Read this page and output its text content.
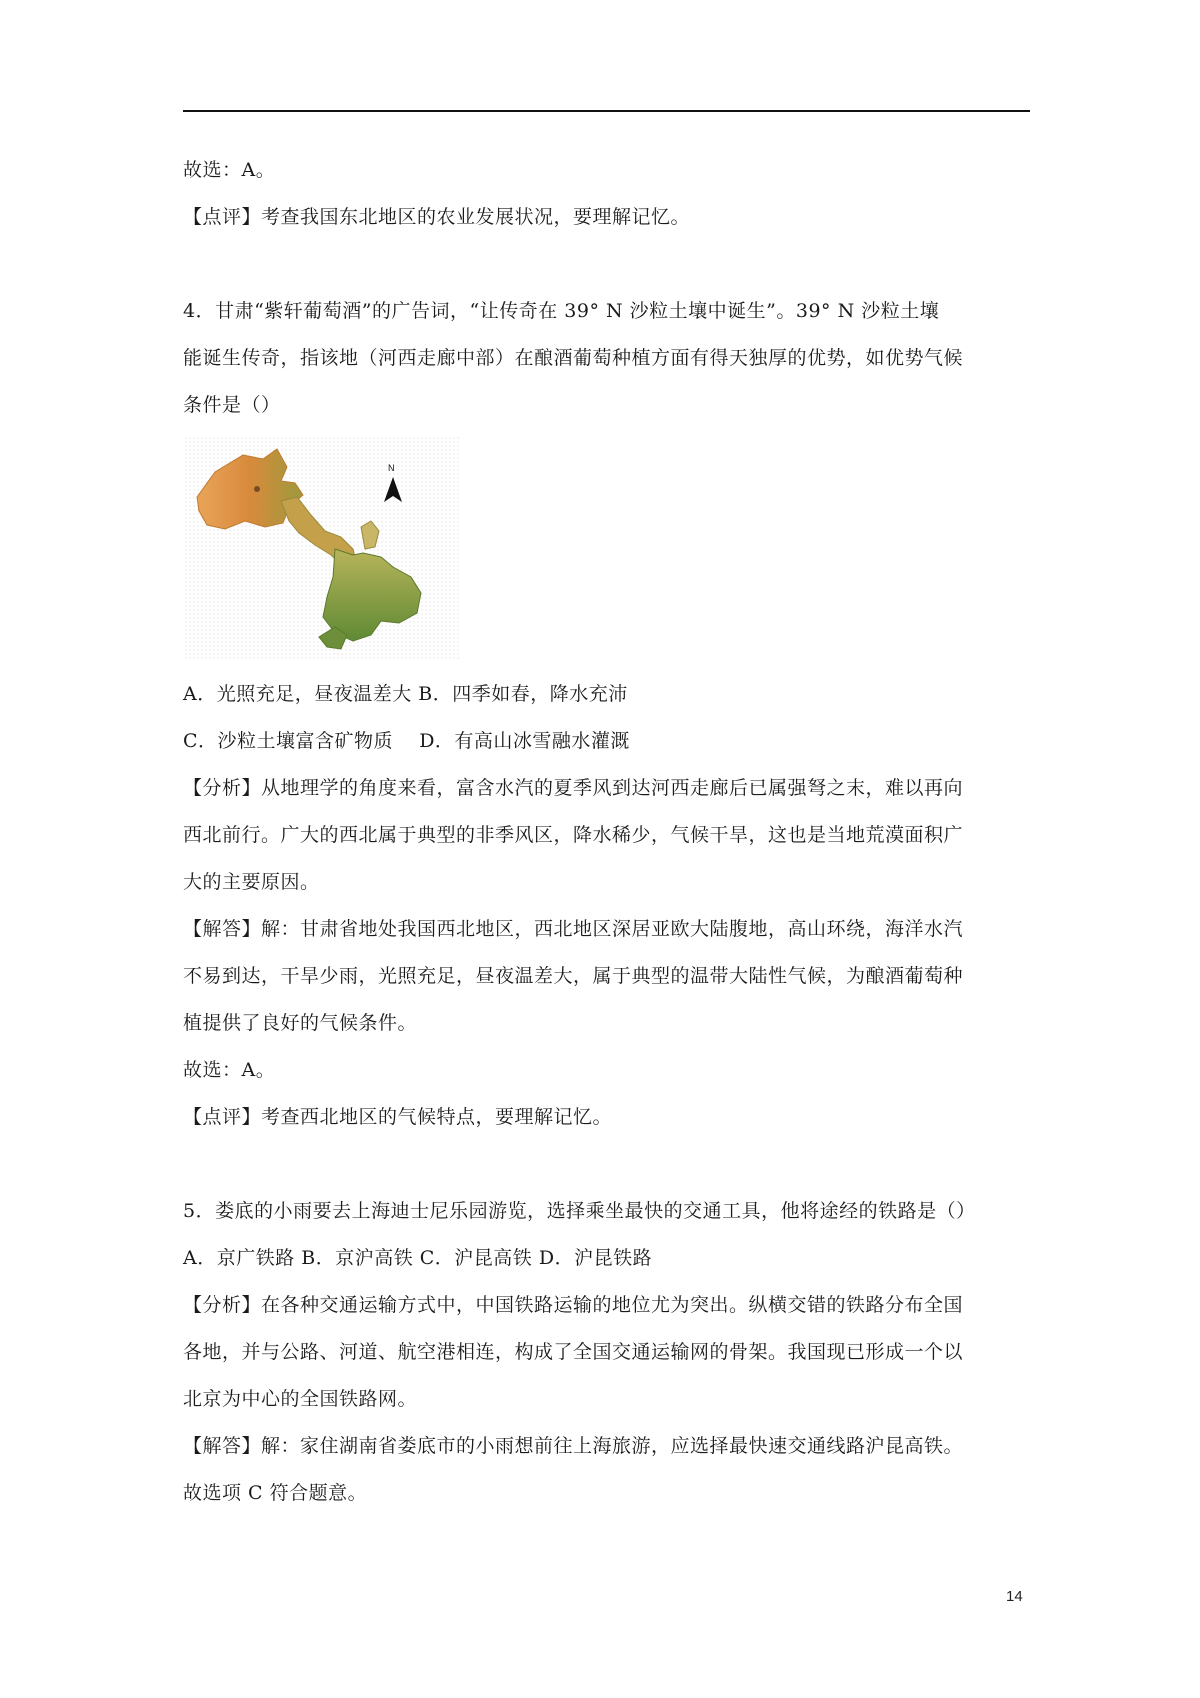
故选：A。

【点评】考查我国东北地区的农业发展状况，要理解记忆。

4．甘肃“紫轩葡萄酒”的广告词，“让传奇在 39° N 沙粒土壤中诞生”。39° N 沙粒土壤

能诞生传奇，指该地（河西走廊中部）在酿酒葡萄种植方面有得天独厚的优势，如优势气候

条件是（）

N

A．光照充足，昼夜温差大 B．四季如春，降水充沛

C．沙粒土壤富含矿物质    D．有高山冰雪融水灌溉

【分析】从地理学的角度来看，富含水汽的夏季风到达河西走廊后已属强弩之末，难以再向

西北前行。广大的西北属于典型的非季风区，降水稀少，气候干旱，这也是当地荒漠面积广

大的主要原因。

【解答】解：甘肃省地处我国西北地区，西北地区深居亚欧大陆腹地，高山环绕，海洋水汽

不易到达，干旱少雨，光照充足，昼夜温差大，属于典型的温带大陆性气候，为酿酒葡萄种

植提供了良好的气候条件。

故选：A。

【点评】考查西北地区的气候特点，要理解记忆。

5．娄底的小雨要去上海迪士尼乐园游览，选择乘坐最快的交通工具，他将途经的铁路是（）

A．京广铁路 B．京沪高铁 C．沪昆高铁 D．沪昆铁路

【分析】在各种交通运输方式中，中国铁路运输的地位尤为突出。纵横交错的铁路分布全国

各地，并与公路、河道、航空港相连，构成了全国交通运输网的骨架。我国现已形成一个以

北京为中心的全国铁路网。

【解答】解：家住湖南省娄底市的小雨想前往上海旅游，应选择最快速交通线路沪昆高铁。

故选项 C 符合题意。

14
